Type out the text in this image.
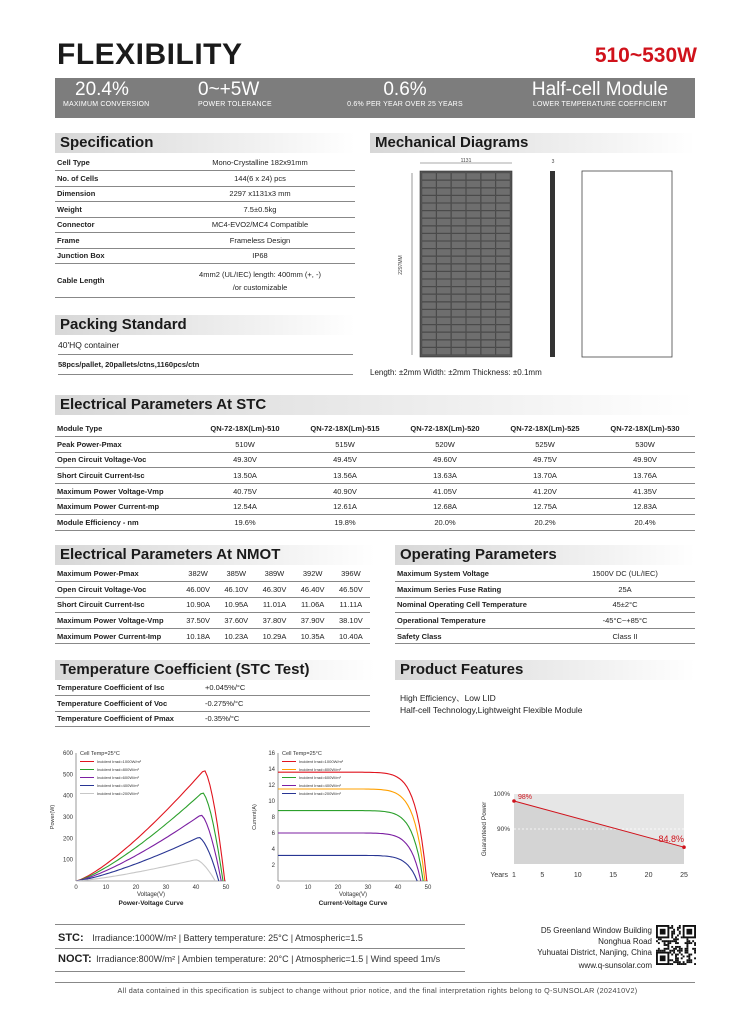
FLEXIBILITY	510~530W
20.4%
MAXIMUM CONVERSION
0~+5W
POWER TOLERANCE
0.6%
0.6% PER YEAR OVER 25 YEARS
Half-cell Module
LOWER TEMPERATURE COEFFICIENT
Specification
Cell Type	Mono-Crystalline 182x91mm
No. of Cells	144(6 x 24) pcs
Dimension	2297 x1131x3 mm
Weight	7.5±0.5kg
Connector	MC4-EVO2/MC4 Compatible
Frame	Frameless Design
Junction Box	IP68
Cable Length	4mm2 (UL/IEC) length: 400mm (+, -)
/or customizable
Mechanical Diagrams
1131
2297MM
3
Length: ±2mm Width: ±2mm Thickness: ±0.1mm
Packing Standard
40'HQ container
58pcs/pallet, 20pallets/ctns,1160pcs/ctn
Electrical Parameters At STC
Module Type	QN-72-18X(Lm)-510	QN-72-18X(Lm)-515	QN-72-18X(Lm)-520	QN-72-18X(Lm)-525	QN-72-18X(Lm)-530
Peak Power-Pmax	510W	515W	520W	525W	530W
Open Circuit Voltage-Voc	49.30V	49.45V	49.60V	49.75V	49.90V
Short Circuit Current-Isc	13.50A	13.56A	13.63A	13.70A	13.76A
Maximum Power Voltage-Vmp	40.75V	40.90V	41.05V	41.20V	41.35V
Maximum Power Current-mp	12.54A	12.61A	12.68A	12.75A	12.83A
Module Efficiency - nm	19.6%	19.8%	20.0%	20.2%	20.4%
Electrical Parameters At NMOT
Maximum Power-Pmax	382W	385W	389W	392W	396W
Open Circuit Voltage-Voc	46.00V	46.10V	46.30V	46.40V	46.50V
Short Circuit Current-Isc	10.90A	10.95A	11.01A	11.06A	11.11A
Maximum Power Voltage-Vmp	37.50V	37.60V	37.80V	37.90V	38.10V
Maximum Power Current-Imp	10.18A	10.23A	10.29A	10.35A	10.40A
Operating Parameters
Maximum System Voltage	1500V DC (UL/IEC)
Maximum Series Fuse Rating	25A
Nominal Operating Cell Temperature	45±2°C
Operational Temperature	-45°C~+85°C
Safety Class	Class II
Temperature Coefficient (STC Test)
Temperature Coefficient of Isc	+0.045%/°C
Temperature Coefficient of Voc	-0.275%/°C
Temperature Coefficient of Pmax	-0.35%/°C
Product Features
High Efficiency、Low LID
Half-cell Technology,Lightweight Flexible Module
0	10	20	30	40	50
100
200
300
400
500
600
Voltage(V)
Power-Voltage Curve
Power(W)
Cell Temp=25°C
Incident Irrad=1000W/m²
Incident Irrad=800W/m²
Incident Irrad=600W/m²
Incident Irrad=400W/m²
Incident Irrad=200W/m²
0	10	20	30	40	50
2
4
6
8
10
12
14
16
Voltage(V)
Current-Voltage Curve
Current(A)
Cell Temp=25°C
Incident Irrad=1000W/m²
Incident Irrad=800W/m²
Incident Irrad=600W/m²
Incident Irrad=400W/m²
Incident Irrad=200W/m²
98%
84.8%
100%
90%
Guaranteed Power
1	5	10	15	20	25
Years
STC: Irradiance:1000W/m² | Battery temperature: 25°C | Atmospheric=1.5
NOCT: Irradiance:800W/m² | Ambien temperature: 20°C | Atmospheric=1.5 | Wind speed 1m/s
D5 Greenland Window Building
Nonghua Road
Yuhuatai District, Nanjing, China
www.q-sunsolar.com
All data contained in this specification is subject to change without prior notice, and the final interpretation rights belong to Q-SUNSOLAR (202410V2)
